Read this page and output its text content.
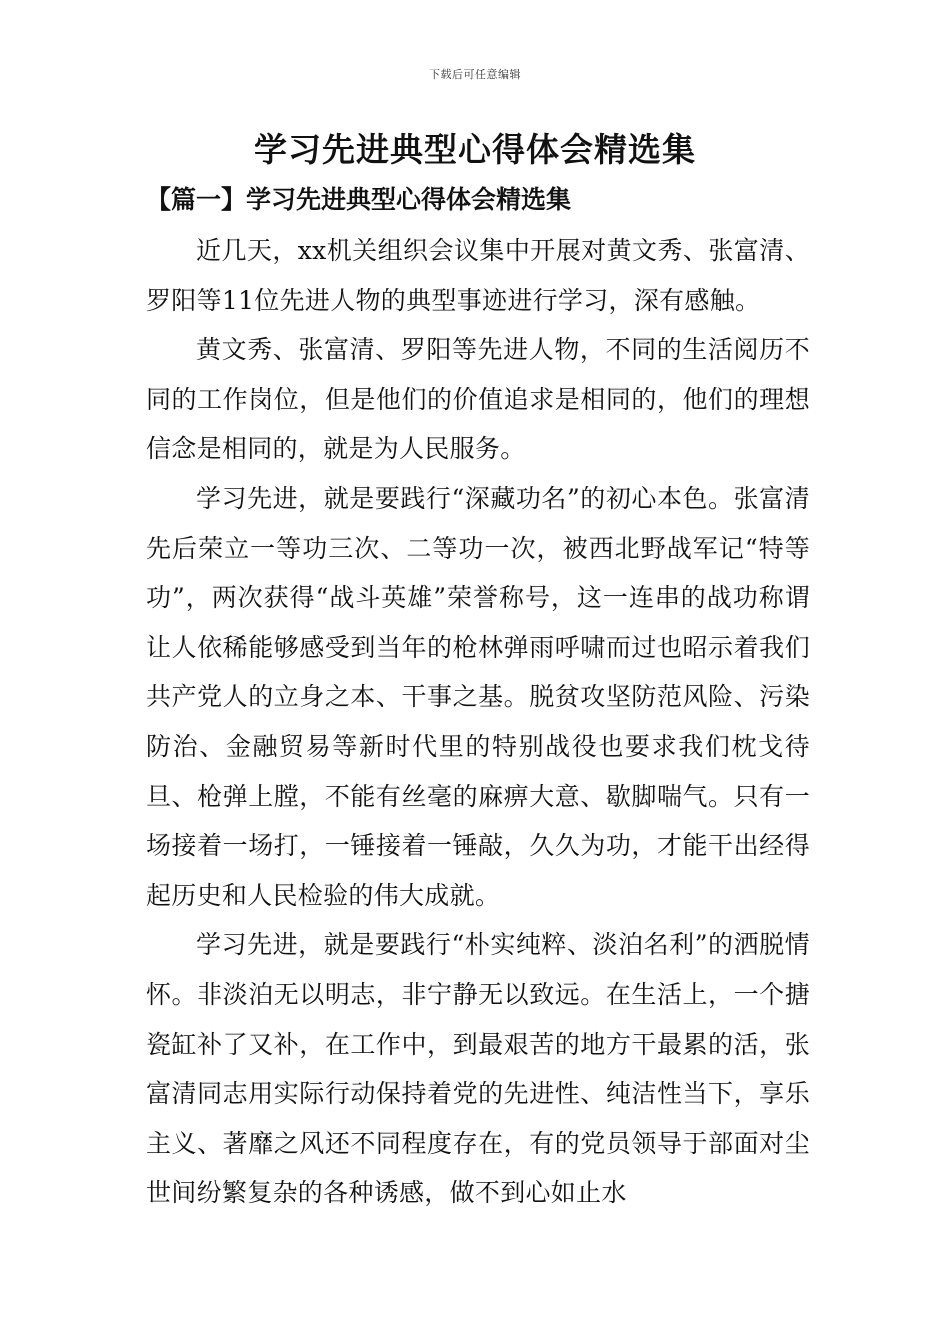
下载后可任意编辑
学习先进典型心得体会精选集
【篇一】学习先进典型心得体会精选集

近几天，xx机关组织会议集中开展对黄文秀、张富清、罗阳等11位先进人物的典型事迹进行学习，深有感触。

黄文秀、张富清、罗阳等先进人物，不同的生活阅历不同的工作岗位，但是他们的价值追求是相同的，他们的理想信念是相同的，就是为人民服务。

学习先进，就是要践行“深藏功名”的初心本色。张富清先后荣立一等功三次、二等功一次，被西北野战军记“特等功”，两次获得“战斗英雄”荣誉称号，这一连串的战功称谓让人依稀能够感受到当年的枪林弹雨呼啸而过也昭示着我们共产党人的立身之本、干事之基。脱贫攻坚防范风险、污染防治、金融贸易等新时代里的特别战役也要求我们枕戈待旦、枪弹上膛，不能有丝毫的麻痹大意、歇脚喘气。只有一场接着一场打，一锤接着一锤敲，久久为功，才能干出经得起历史和人民检验的伟大成就。

学习先进，就是要践行“朴实纯粹、淡泊名利”的洒脱情怀。非淡泊无以明志，非宁静无以致远。在生活上，一个搪瓷缸补了又补，在工作中，到最艰苦的地方干最累的活，张富清同志用实际行动保持着党的先进性、纯洁性当下，享乐主义、著靡之风还不同程度存在，有的党员领导于部面对尘世间纷繁复杂的各种诱感，做不到心如止水
